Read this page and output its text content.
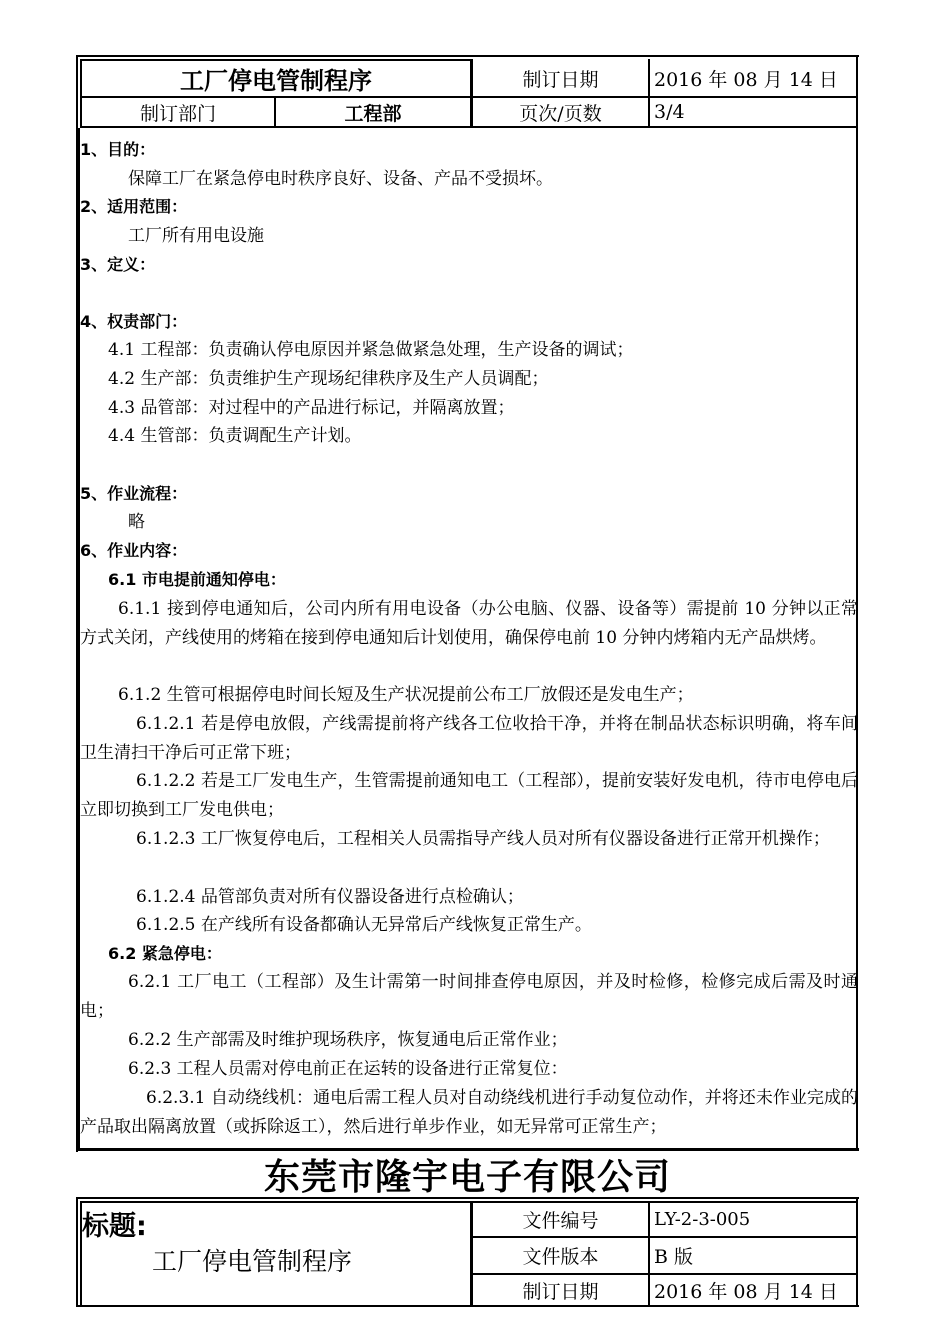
工厂停电管制程序	制订日期	2016 年 08 月 14 日
制订部门	工程部	页次/页数	3/4
1、目的：
保障工厂在紧急停电时秩序良好、设备、产品不受损坏。
2、适用范围：
工厂所有用电设施
3、定义：
4、权责部门：
4.1 工程部：负责确认停电原因并紧急做紧急处理，生产设备的调试；
4.2 生产部：负责维护生产现场纪律秩序及生产人员调配；
4.3 品管部：对过程中的产品进行标记，并隔离放置；
4.4 生管部：负责调配生产计划。
5、作业流程：
略
6、作业内容：
6.1 市电提前通知停电：
6.1.1 接到停电通知后，公司内所有用电设备（办公电脑、仪器、设备等）需提前 10 分钟以正常方式关闭，产线使用的烤箱在接到停电通知后计划使用，确保停电前 10 分钟内烤箱内无产品烘烤。
6.1.2 生管可根据停电时间长短及生产状况提前公布工厂放假还是发电生产；
6.1.2.1 若是停电放假，产线需提前将产线各工位收拾干净，并将在制品状态标识明确，将车间卫生清扫干净后可正常下班；
6.1.2.2 若是工厂发电生产，生管需提前通知电工（工程部），提前安装好发电机，待市电停电后立即切换到工厂发电供电；
6.1.2.3 工厂恢复停电后，工程相关人员需指导产线人员对所有仪器设备进行正常开机操作；
6.1.2.4 品管部负责对所有仪器设备进行点检确认；
6.1.2.5 在产线所有设备都确认无异常后产线恢复正常生产。
6.2 紧急停电：
6.2.1 工厂电工（工程部）及生计需第一时间排查停电原因，并及时检修，检修完成后需及时通电；
6.2.2 生产部需及时维护现场秩序，恢复通电后正常作业；
6.2.3 工程人员需对停电前正在运转的设备进行正常复位：
6.2.3.1 自动绕线机：通电后需工程人员对自动绕线机进行手动复位动作，并将还未作业完成的产品取出隔离放置（或拆除返工），然后进行单步作业，如无异常可正常生产；
东莞市隆宇电子有限公司
标题:
工厂停电管制程序
文件编号	LY-2-3-005
文件版本	B 版
制订日期	2016 年 08 月 14 日
